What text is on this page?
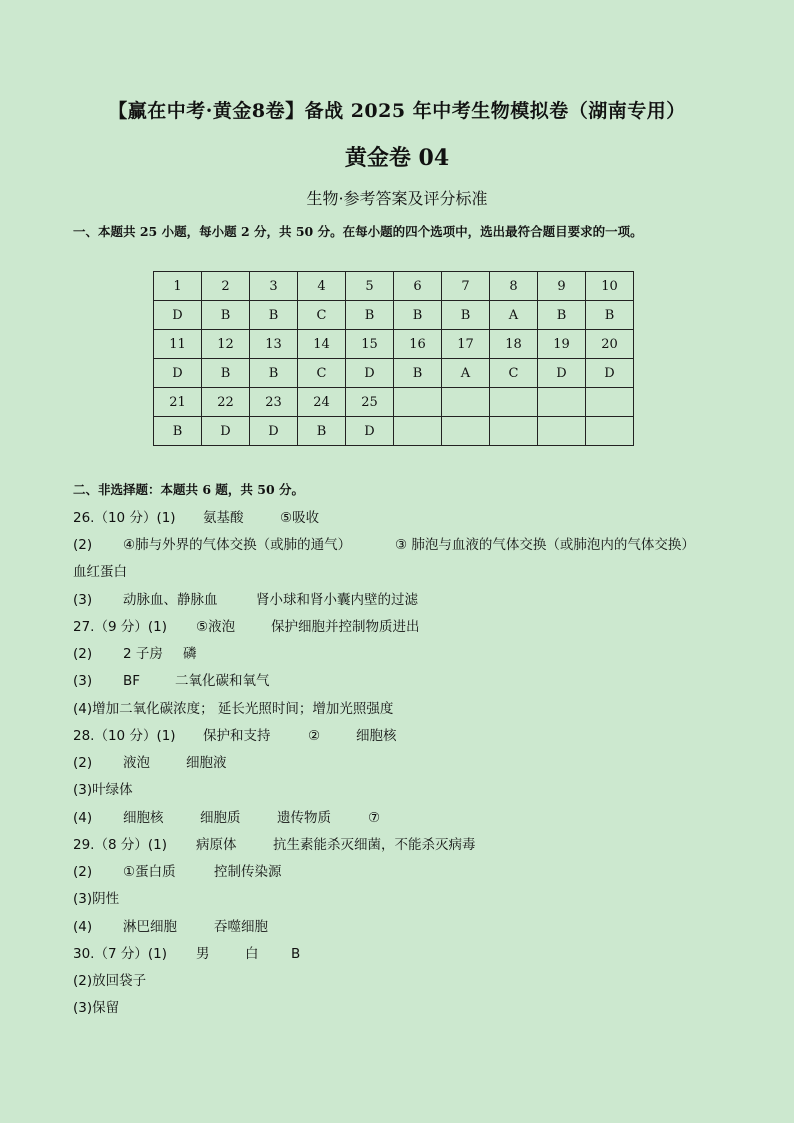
【赢在中考·黄金8卷】备战 2025 年中考生物模拟卷（湖南专用）
黄金卷 04
生物·参考答案及评分标准
一、本题共 25 小题，每小题 2 分，共 50 分。在每小题的四个选项中，选出最符合题目要求的一项。
1	2	3	4	5	6	7	8	9	10
D	B	B	C	B	B	B	A	B	B
11	12	13	14	15	16	17	18	19	20
D	B	B	C	D	B	A	C	D	D
21	22	23	24	25					
B	D	D	B	D					
二、非选择题：本题共 6 题，共 50 分。
26.（10 分）(1) 氨基酸	⑤吸收
(2) ④肺与外界的气体交换（或肺的通气）	③ 肺泡与血液的气体交换（或肺泡内的气体交换）
血红蛋白
(3) 动脉血、静脉血	肾小球和肾小囊内壁的过滤
27.（9 分）(1) ⑤液泡	保护细胞并控制物质进出
(2) 2 子房 磷
(3) BF	二氧化碳和氧气
(4)增加二氧化碳浓度； 延长光照时间；增加光照强度
28.（10 分）(1) 保护和支持	②	细胞核
(2) 液泡	细胞液
(3)叶绿体
(4) 细胞核	细胞质	遗传物质	⑦
29.（8 分）(1) 病原体	抗生素能杀灭细菌，不能杀灭病毒
(2) ①蛋白质	控制传染源
(3)阴性
(4) 淋巴细胞	吞噬细胞
30.（7 分）(1) 男	白 B
(2)放回袋子
(3)保留
